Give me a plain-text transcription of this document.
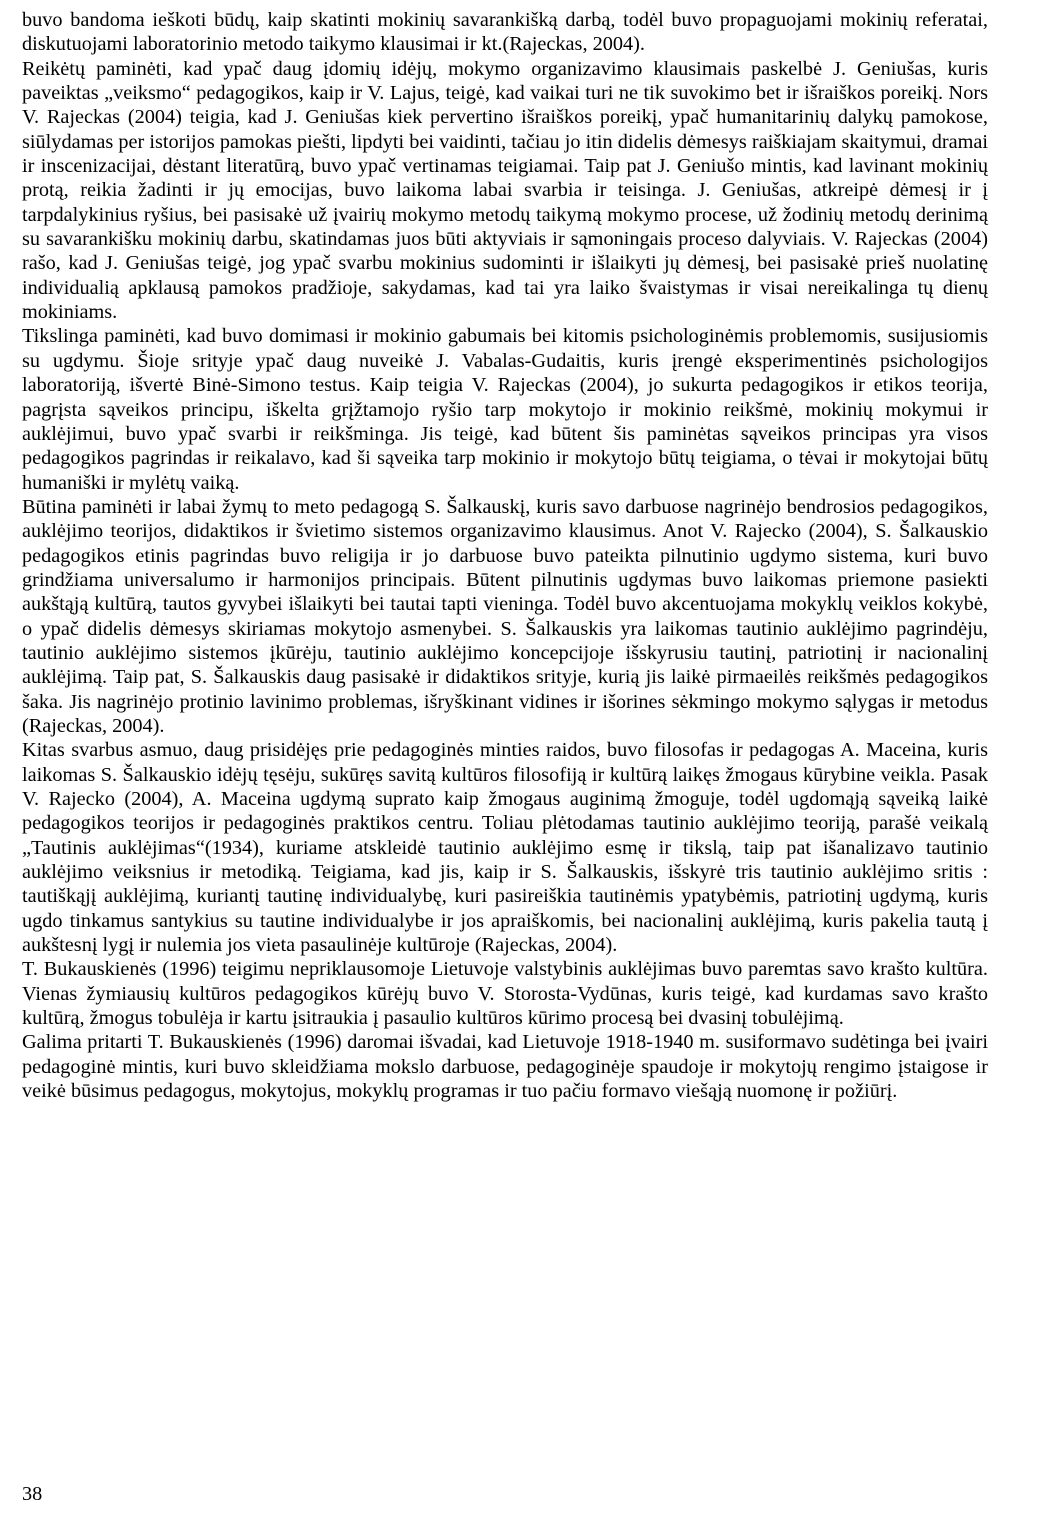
buvo bandoma ieškoti būdų, kaip skatinti mokinių savarankišką darbą, todėl buvo propaguojami mokinių referatai, diskutuojami laboratorinio metodo taikymo klausimai ir kt.(Rajeckas, 2004).

Reikėtų paminėti, kad ypač daug įdomių idėjų, mokymo organizavimo klausimais paskelbė J. Geniušas, kuris paveiktas „veiksmo“ pedagogikos, kaip ir V. Lajus, teigė, kad vaikai turi ne tik suvokimo bet ir išraiškos poreikį. Nors V. Rajeckas (2004) teigia, kad J. Geniušas kiek pervertino išraiškos poreikį, ypač humanitarinių dalykų pamokose, siūlydamas per istorijos pamokas piešti, lipdyti bei vaidinti, tačiau jo itin didelis dėmesys raiškiajam skaitymui, dramai ir inscenizacijai, dėstant literatūrą, buvo ypač vertinamas teigiamai. Taip pat J. Geniušo mintis, kad lavinant mokinių protą, reikia žadinti ir jų emocijas, buvo laikoma labai svarbia ir teisinga. J. Geniušas, atkreipė dėmesį ir į tarpdalykinius ryšius, bei pasisakė už įvairių mokymo metodų taikymą mokymo procese, už žodinių metodų derinimą su savarankišku mokinių darbu, skatindamas juos būti aktyviais ir sąmoningais proceso dalyviais. V. Rajeckas (2004) rašo, kad J. Geniušas teigė, jog ypač svarbu mokinius sudominti ir išlaikyti jų dėmesį, bei pasisakė prieš nuolatinę individualią apklausą pamokos pradžioje, sakydamas, kad tai yra laiko švaistymas ir visai nereikalinga tų dienų mokiniams.

Tikslinga paminėti, kad buvo domimasi ir mokinio gabumais bei kitomis psichologinėmis problemomis, susijusiomis su ugdymu. Šioje srityje ypač daug nuveikė J. Vabalas-Gudaitis, kuris įrengė eksperimentinės psichologijos laboratoriją, išvertė Binė-Simono testus. Kaip teigia V. Rajeckas (2004), jo sukurta pedagogikos ir etikos teorija, pagrįsta sąveikos principu, iškelta grįžtamojo ryšio tarp mokytojo ir mokinio reikšmė, mokinių mokymui ir auklėjimui, buvo ypač svarbi ir reikšminga. Jis teigė, kad būtent šis paminėtas sąveikos principas yra visos pedagogikos pagrindas ir reikalavo, kad ši sąveika tarp mokinio ir mokytojo būtų teigiama, o tėvai ir mokytojai būtų humaniški ir mylėtų vaiką.

Būtina paminėti ir labai žymų to meto pedagogą S. Šalkauskį, kuris savo darbuose nagrinėjo bendrosios pedagogikos, auklėjimo teorijos, didaktikos ir švietimo sistemos organizavimo klausimus. Anot V. Rajecko (2004), S. Šalkauskio pedagogikos etinis pagrindas buvo religija ir jo darbuose buvo pateikta pilnutinio ugdymo sistema, kuri buvo grindžiama universalumo ir harmonijos principais. Būtent pilnutinis ugdymas buvo laikomas priemone pasiekti aukštąją kultūrą, tautos gyvybei išlaikyti bei tautai tapti vieninga. Todėl buvo akcentuojama mokyklų veiklos kokybė, o ypač didelis dėmesys skiriamas mokytojo asmenybei. S. Šalkauskis yra laikomas tautinio auklėjimo pagrindėju, tautinio auklėjimo sistemos įkūrėju, tautinio auklėjimo koncepcijoje išskyrusiu tautinį, patriotinį ir nacionalinį auklėjimą. Taip pat, S. Šalkauskis daug pasisakė ir didaktikos srityje, kurią jis laikė pirmaeilės reikšmės pedagogikos šaka. Jis nagrinėjo protinio lavinimo problemas, išryškinant vidines ir išorines sėkmingo mokymo sąlygas ir metodus (Rajeckas, 2004).

Kitas svarbus asmuo, daug prisidėjęs prie pedagoginės minties raidos, buvo filosofas ir pedagogas A. Maceina, kuris laikomas S. Šalkauskio idėjų tęsėju, sukūręs savitą kultūros filosofiją ir kultūrą laikęs žmogaus kūrybine veikla. Pasak V. Rajecko (2004), A. Maceina ugdymą suprato kaip žmogaus auginimą žmoguje, todėl ugdomąją sąveiką laikė pedagogikos teorijos ir pedagoginės praktikos centru. Toliau plėtodamas tautinio auklėjimo teoriją, parašė veikalą „Tautinis auklėjimas“(1934), kuriame atskleidė tautinio auklėjimo esmę ir tikslą, taip pat išanalizavo tautinio auklėjimo veiksnius ir metodiką. Teigiama, kad jis, kaip ir S. Šalkauskis, išskyrė tris tautinio auklėjimo sritis : tautiškąjį auklėjimą, kuriantį tautinę individualybę, kuri pasireiškia tautinėmis ypatybėmis, patriotinį ugdymą, kuris ugdo tinkamus santykius su tautine individualybe ir jos apraiškomis, bei nacionalinį auklėjimą, kuris pakelia tautą į aukštesnį lygį ir nulemia jos vieta pasaulinėje kultūroje (Rajeckas, 2004).

T. Bukauskienės (1996) teigimu nepriklausomoje Lietuvoje valstybinis auklėjimas buvo paremtas savo krašto kultūra. Vienas žymiausių kultūros pedagogikos kūrėjų buvo V. Storosta-Vydūnas, kuris teigė, kad kurdamas savo krašto kultūrą, žmogus tobulėja ir kartu įsitraukia į pasaulio kultūros kūrimo procesą bei dvasinį tobulėjimą.

Galima pritarti T. Bukauskienės (1996) daromai išvadai, kad Lietuvoje 1918-1940 m. susiformavo sudėtinga bei įvairi pedagoginė mintis, kuri buvo skleidžiama mokslo darbuose, pedagoginėje spaudoje ir mokytojų rengimo įstaigose ir veikė būsimus pedagogus, mokytojus, mokyklų programas ir tuo pačiu formavo viešąją nuomonę ir požiūrį.

38
